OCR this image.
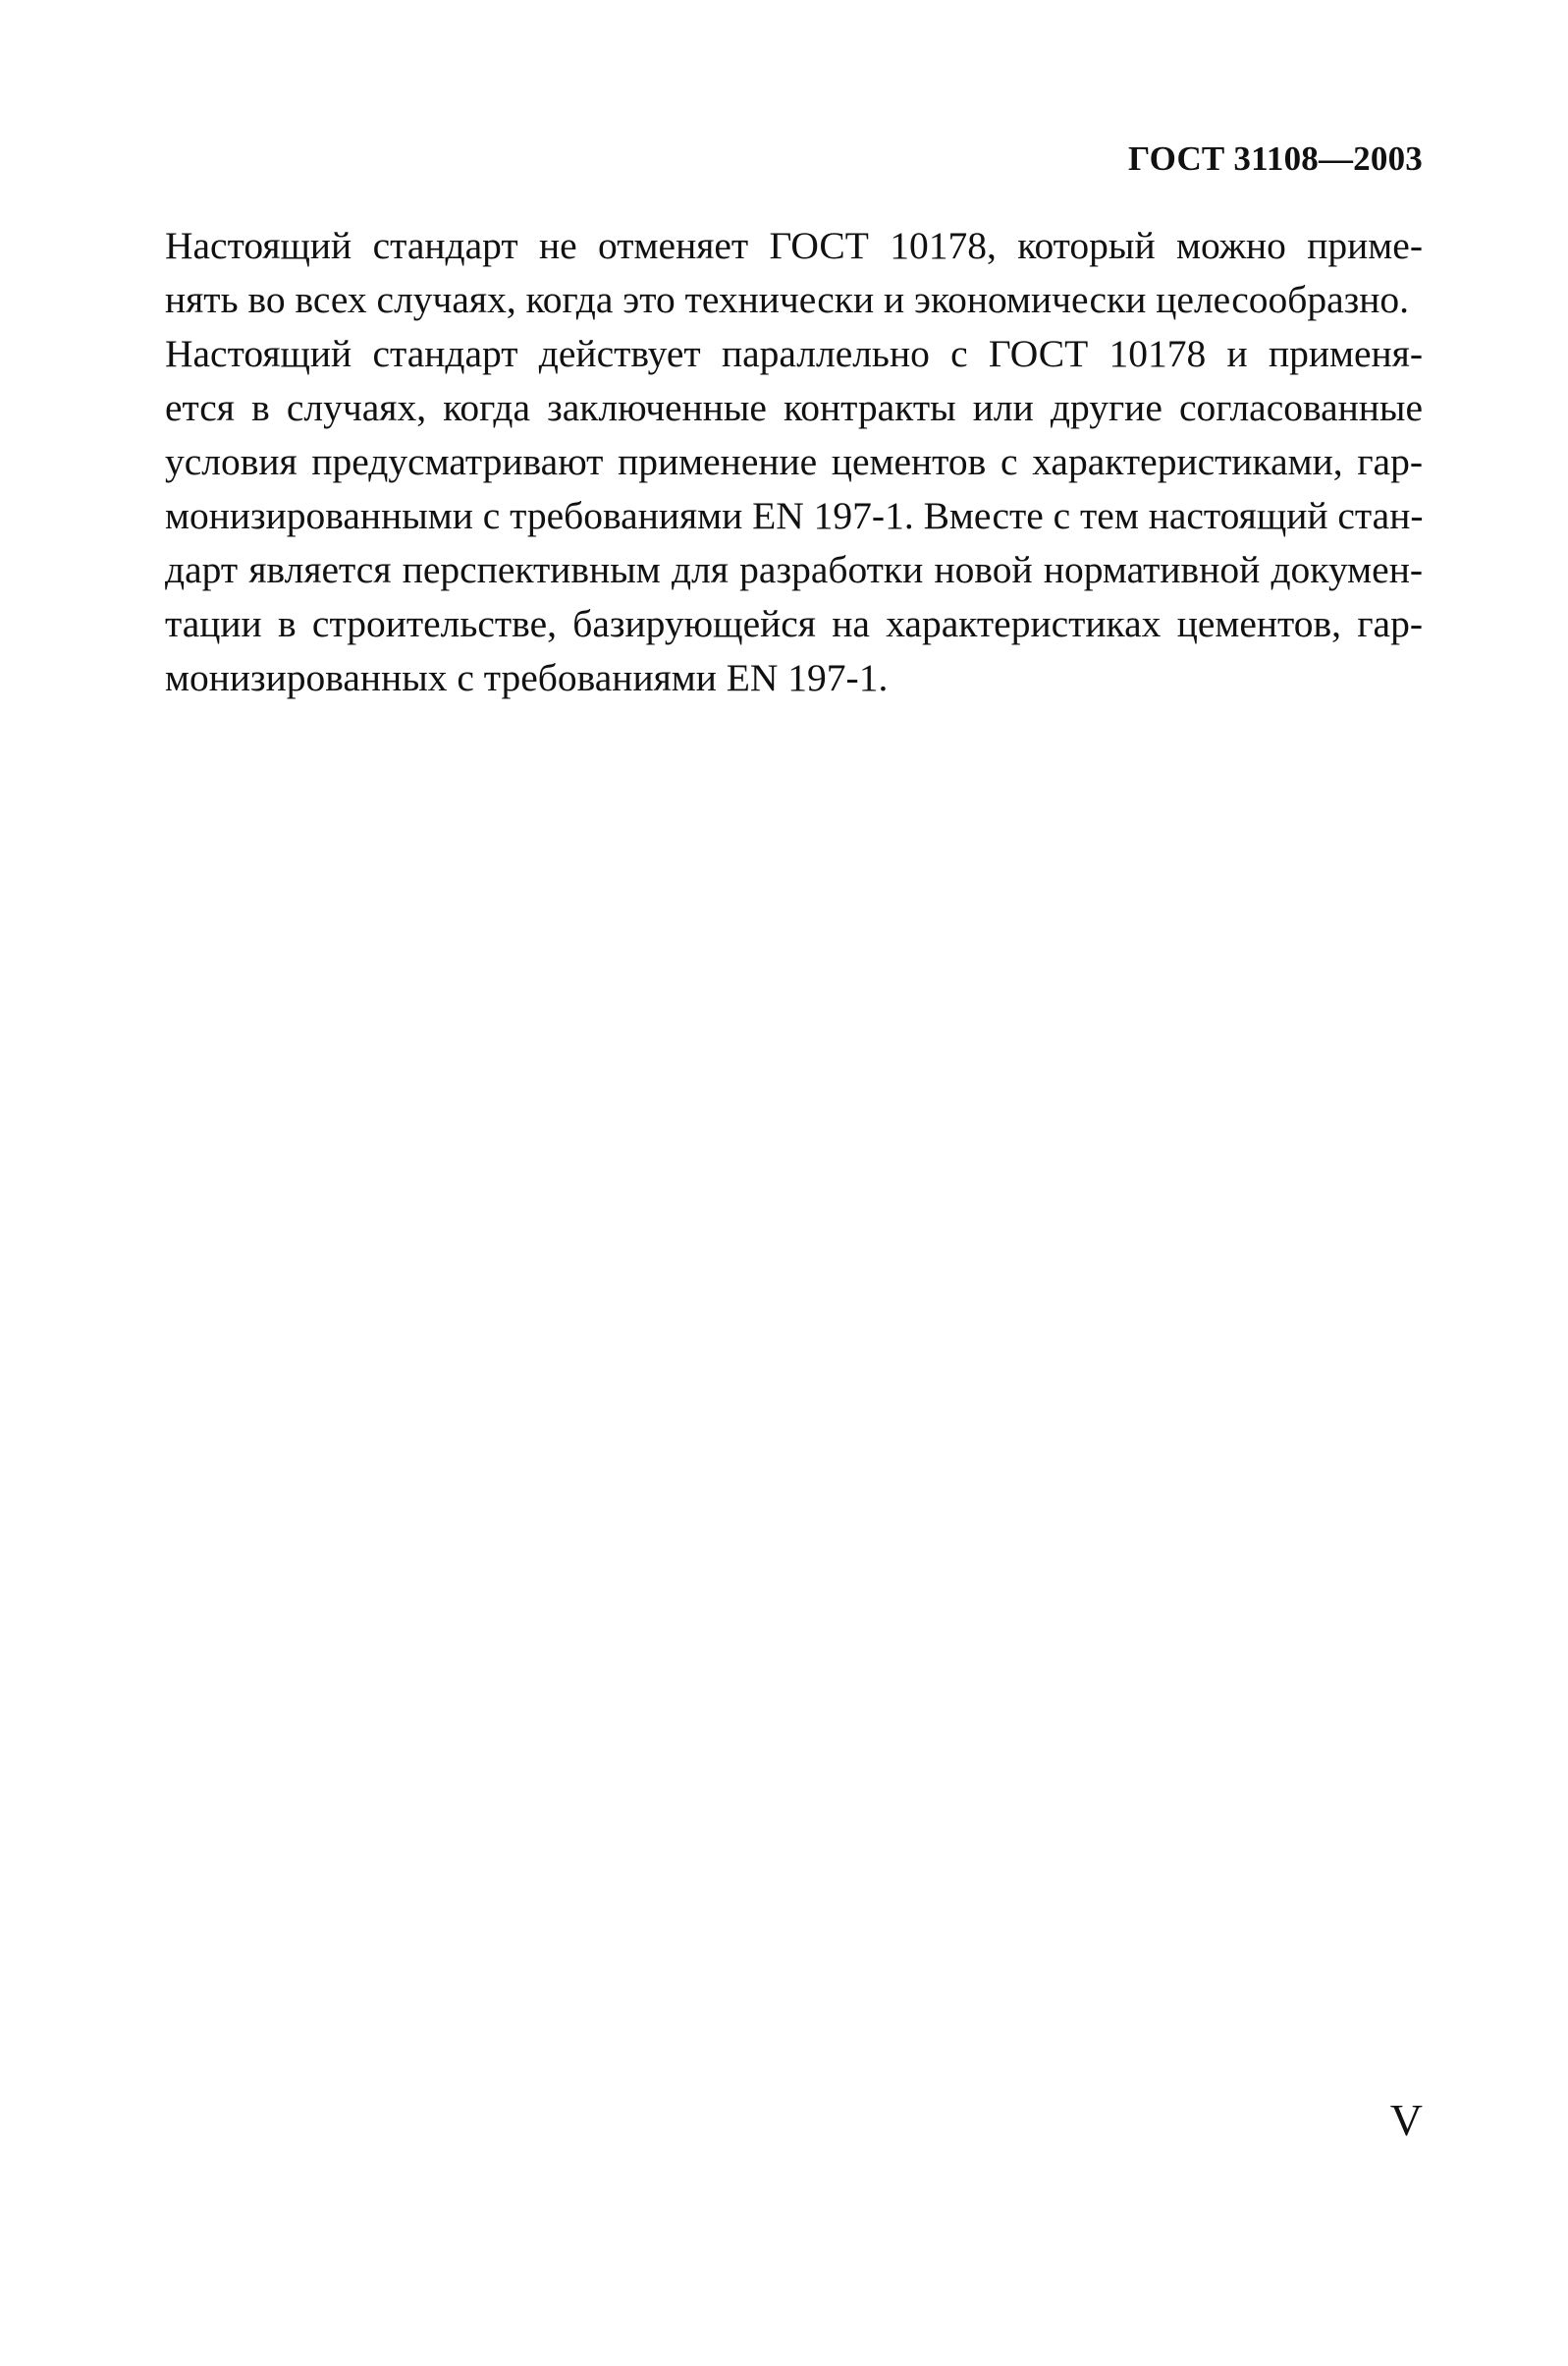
ГОСТ 31108—2003
Настоящий стандарт не отменяет ГОСТ 10178, который можно приме-
нять во всех случаях, когда это технически и экономически целесообразно.
Настоящий стандарт действует параллельно с ГОСТ 10178 и применя-
ется в случаях, когда заключенные контракты или другие согласованные
условия предусматривают применение цементов с характеристиками, гар-
монизированными с требованиями EN 197-1. Вместе с тем настоящий стан-
дарт является перспективным для разработки новой нормативной докумен-
тации в строительстве, базирующейся на характеристиках цементов, гар-
монизированных с требованиями EN 197-1.
V
